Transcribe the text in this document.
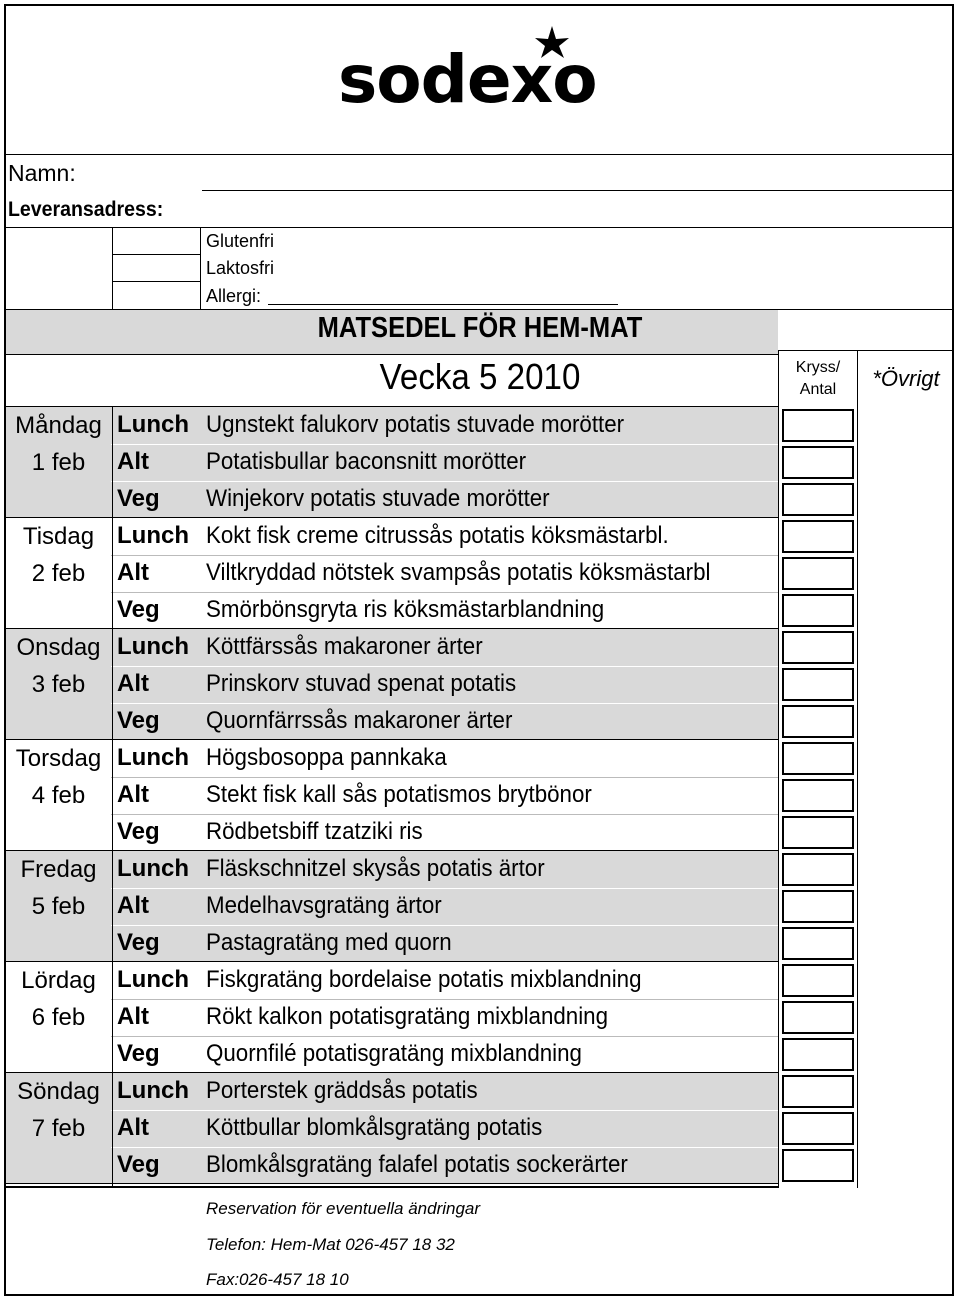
sodexo
Namn:
Leveransadress:
Glutenfri
Laktosfri
Allergi:
MATSEDEL FÖR HEM-MAT
Vecka 5 2010	Kryss/
Antal	*Övrigt
Söndag
7 feb
Lunch Porterstek gräddsås potatis
Alt Köttbullar blomkålsgratäng potatis
Veg Blomkålsgratäng falafel potatis sockerärter
Lördag
6 feb
Lunch Fiskgratäng bordelaise potatis mixblandning
Alt Rökt kalkon potatisgratäng mixblandning
Veg Quornfilé potatisgratäng mixblandning
Fredag
5 feb
Lunch Fläskschnitzel skysås potatis ärtor
Alt Medelhavsgratäng ärtor
Veg Pastagratäng med quorn
Torsdag
4 feb
Lunch Högsbosoppa pannkaka
Alt Stekt fisk kall sås potatismos brytbönor
Veg Rödbetsbiff tzatziki ris
Onsdag
3 feb
Lunch Köttfärssås makaroner ärter
Alt Prinskorv stuvad spenat potatis
Veg Quornfärrssås makaroner ärter
Tisdag
2 feb
Lunch Kokt fisk creme citrussås potatis köksmästarbl.
Alt Viltkryddad nötstek svampsås potatis köksmästarbl
Veg Smörbönsgryta ris köksmästarblandning
Måndag
1 feb
Lunch Ugnstekt falukorv potatis stuvade morötter
Alt Potatisbullar baconsnitt morötter
Veg Winjekorv potatis stuvade morötter
Reservation för eventuella ändringar
Telefon: Hem-Mat 026-457 18 32
Fax:026-457 18 10
